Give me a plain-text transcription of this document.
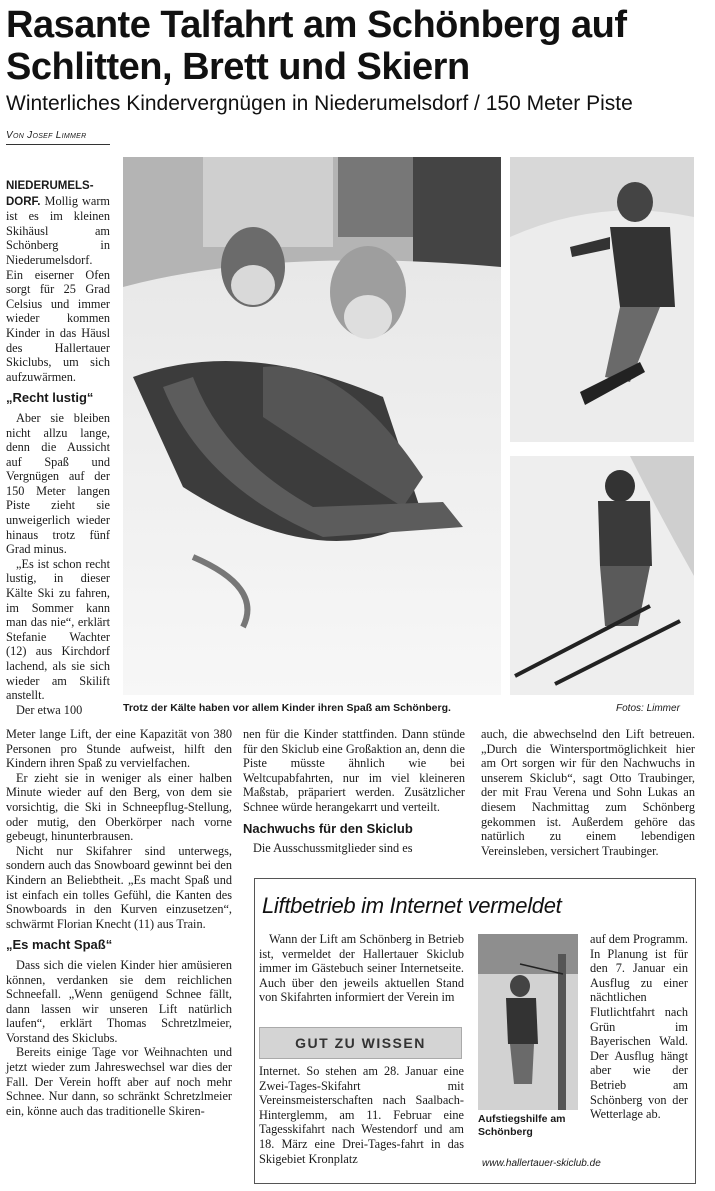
Rasante Talfahrt am Schönberg auf Schlitten, Brett und Skiern
Winterliches Kindervergnügen in Niederumelsdorf / 150 Meter Piste
Von Josef Limmer
Trotz der Kälte haben vor allem Kinder ihren Spaß am Schönberg.	Fotos: Limmer

NIEDERUMELS-DORF. Mollig warm ist es im kleinen Skihäusl am Schönberg in Niederumelsdorf. Ein eiserner Ofen sorgt für 25 Grad Celsius und immer wieder kommen Kinder in das Häusl des Hallertauer Skiclubs, um sich aufzuwärmen.

„Recht lustig“

Aber sie bleiben nicht allzu lange, denn die Aussicht auf Spaß und Vergnügen auf der 150 Meter langen Piste zieht sie unweigerlich wieder hinaus trotz fünf Grad minus.

„Es ist schon recht lustig, in dieser Kälte Ski zu fahren, im Sommer kann man das nie“, erklärt Stefanie Wachter (12) aus Kirchdorf lachend, als sie sich wieder am Skilift anstellt.

Der etwa 100

Meter lange Lift, der eine Kapazität von 380 Personen pro Stunde aufweist, hilft den Kindern ihren Spaß zu vervielfachen.

Er zieht sie in weniger als einer halben Minute wieder auf den Berg, von dem sie vorsichtig, die Ski in Schneepflug-Stellung, oder mutig, den Oberkörper nach vorne gebeugt, hinunterbrausen.

Nicht nur Skifahrer sind unterwegs, sondern auch das Snowboard gewinnt bei den Kindern an Beliebtheit. „Es macht Spaß und ist einfach ein tolles Gefühl, die Kanten des Snowboards in den Kurven einzusetzen“, schwärmt Florian Knecht (11) aus Train.

„Es macht Spaß“

Dass sich die vielen Kinder hier amüsieren können, verdanken sie dem reichlichen Schneefall. „Wenn genügend Schnee fällt, dann lassen wir unseren Lift natürlich laufen“, erklärt Thomas Schretzlmeier, Vorstand des Skiclubs.

Bereits einige Tage vor Weihnachten und jetzt wieder zum Jahreswechsel war dies der Fall. Der Verein hofft aber auf noch mehr Schnee. Nur dann, so schränkt Schretzlmeier ein, könne auch das traditionelle Skiren-

nen für die Kinder stattfinden. Dann stünde für den Skiclub eine Großaktion an, denn die Piste müsste ähnlich wie bei Weltcupabfahrten, nur im viel kleineren Maßstab, präpariert werden. Zusätzlicher Schnee würde herangekarrt und verteilt.

Nachwuchs für den Skiclub

Die Ausschussmitglieder sind es

auch, die abwechselnd den Lift betreuen. „Durch die Wintersportmöglichkeit hier am Ort sorgen wir für den Nachwuchs in unserem Skiclub“, sagt Otto Traubinger, der mit Frau Verena und Sohn Lukas an diesem Nachmittag zum Schönberg gekommen ist. Außerdem gehöre das natürlich zu einem lebendigen Vereinsleben, versichert Traubinger.

Liftbetrieb im Internet vermeldet

Wann der Lift am Schönberg in Betrieb ist, vermeldet der Hallertauer Skiclub immer im Gästebuch seiner Internetseite. Auch über den jeweils aktuellen Stand von Skifahrten informiert der Verein im

GUT ZU WISSEN

Internet. So stehen am 28. Januar eine Zwei-Tages-Skifahrt mit Vereinsmeisterschaften nach Saalbach-Hinterglemm, am 11. Februar eine Tagesskifahrt nach Westendorf und am 18. März eine Drei-Tages-fahrt in das Skigebiet Kronplatz

Aufstiegshilfe am Schönberg

auf dem Programm. In Planung ist für den 7. Januar ein Ausflug zu einer nächtlichen Flutlichtfahrt nach Grün im Bayerischen Wald. Der Ausflug hängt aber wie der Betrieb am Schönberg von der Wetterlage ab.

www.hallertauer-skiclub.de
